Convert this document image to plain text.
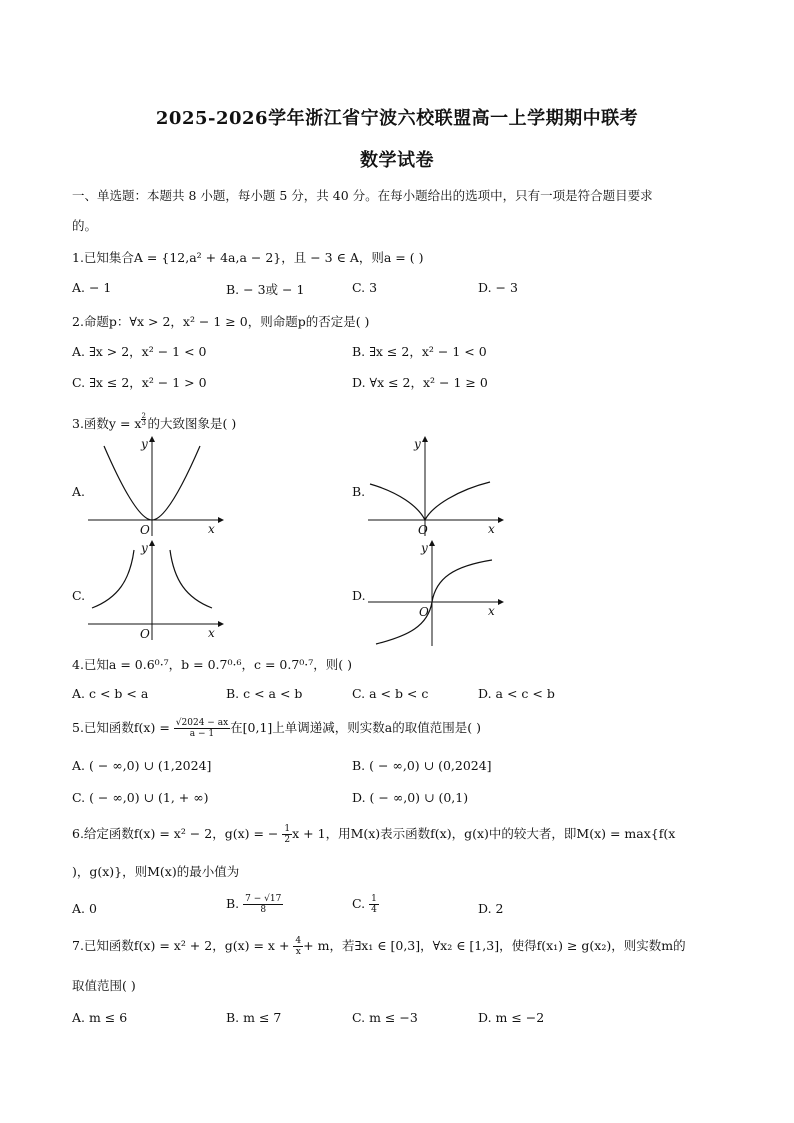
2025-2026学年浙江省宁波六校联盟高一上学期期中联考
数学试卷
一、单选题：本题共 8 小题，每小题 5 分，共 40 分。在每小题给出的选项中，只有一项是符合题目要求
的。
1.已知集合A = {12,a² + 4a,a − 2}，且 − 3 ∈ A，则a = ( )
A. − 1	B. − 3或 − 1	C. 3	D. − 3
2.命题p：∀x > 2，x² − 1 ≥ 0，则命题p的否定是( )
A. ∃x > 2，x² − 1 < 0	B. ∃x ≤ 2，x² − 1 < 0
C. ∃x ≤ 2，x² − 1 > 0	D. ∀x ≤ 2，x² − 1 ≥ 0
3.函数y = x $\frac{2}{3}$ 的大致图象是( )
A.	B.
C.	D.
O	x
y
O	x
y
O	x
y
O	x
y
4.已知a = 0.6⁰·⁷，b = 0.7⁰·⁶，c = 0.7⁰·⁷，则( )
A. c < b < a	B. c < a < b	C. a < b < c	D. a < c < b
5.已知函数$f(x) = \frac{√2024 - ax}{a - 1}$ 在[0,1]上单调递减，则实数a的取值范围是( )
A. ( − ∞,0) ∪ (1,2024]	B. ( − ∞,0) ∪ (0,2024]
C. ( − ∞,0) ∪ (1, + ∞)	D. ( − ∞,0) ∪ (0,1)
6.给定函数f(x) = x² − 2，g(x) = − $\frac{1}{2}$ x + 1，用M(x)表示函数f(x)，g(x)中的较大者，即M(x) = max{f(x
)，g(x)}，则M(x)的最小值为
A. 0	B. $\frac{7 - √17}{8}$	C. $\frac{1}{4}$	D. 2
7.已知函数f(x) = x² + 2，$g(x) = x + \frac{4}{x} + m$，若∃x₁ ∈ [0,3]，∀x₂ ∈ [1,3]，使得f(x₁) ≥ g(x₂)，则实数m的
取值范围( )
A. m ≤ 6	B. m ≤ 7	C. m ≤ −3	D. m ≤ −2
